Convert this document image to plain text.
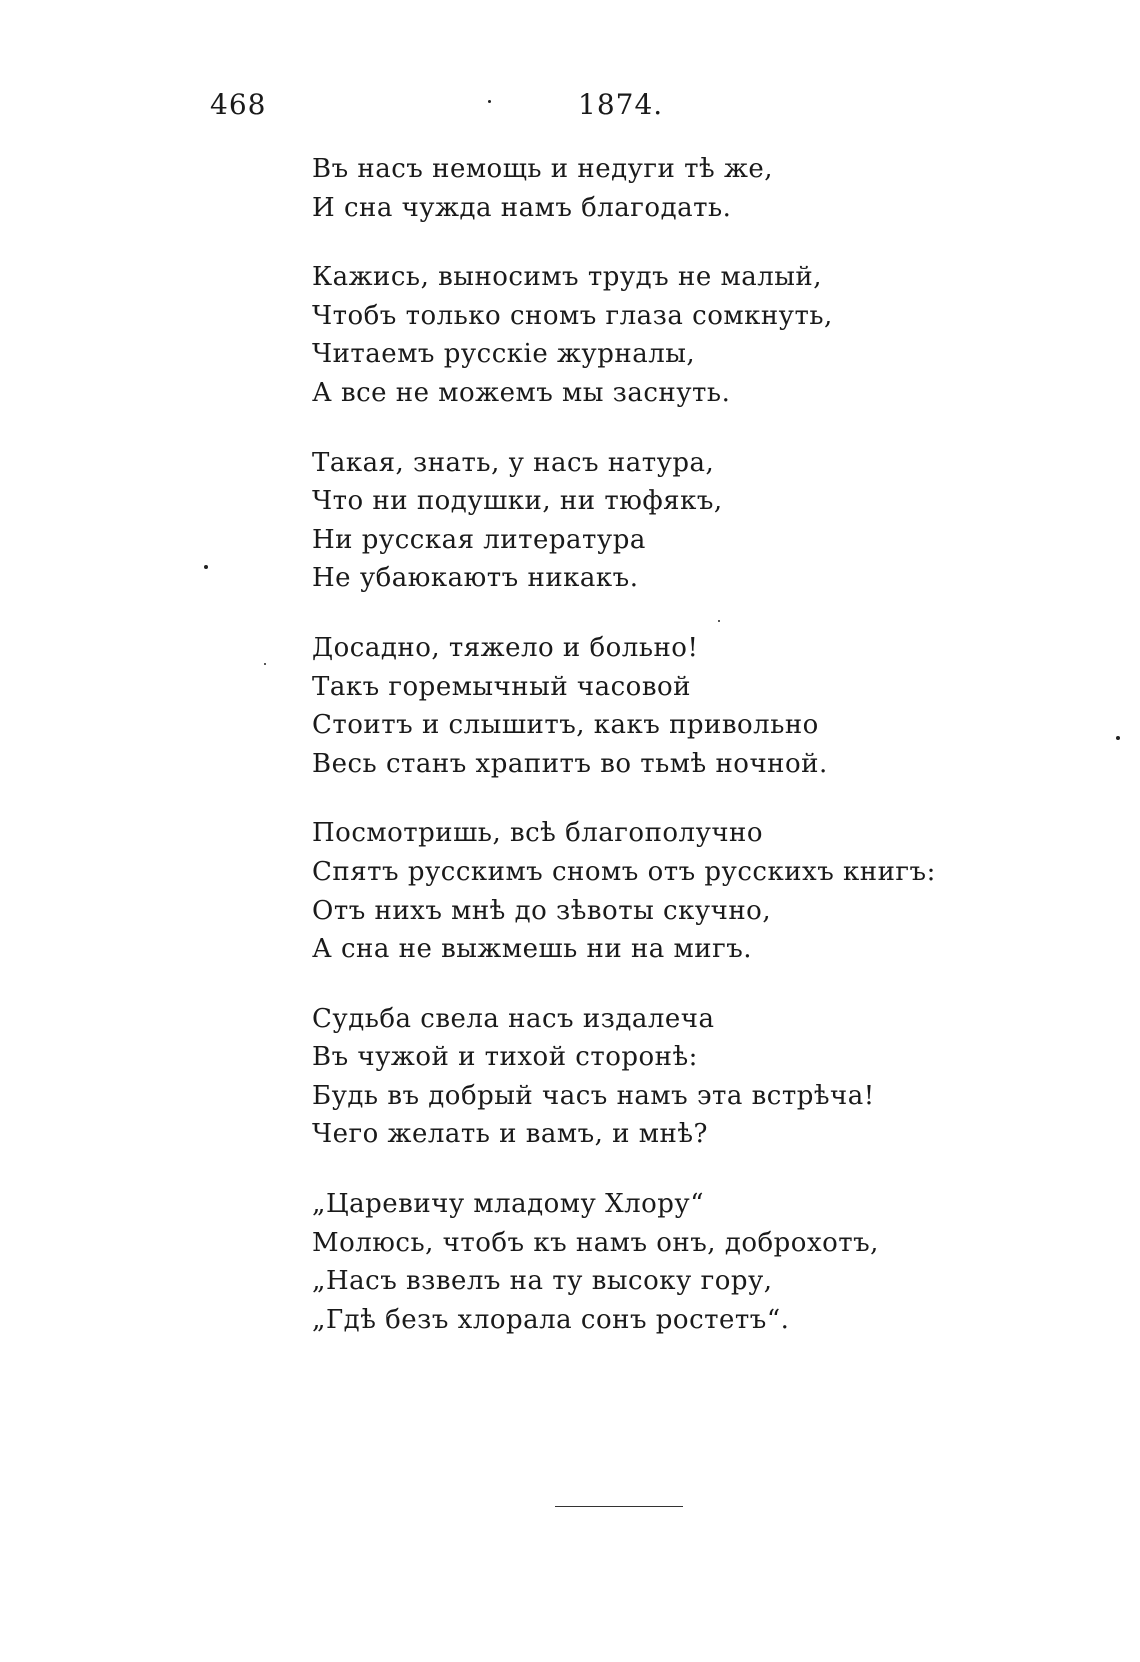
468	1874.
Въ насъ немощь и недуги тѣ же,
И сна чужда намъ благодать.
Кажись, выносимъ трудъ не малый,
Чтобъ только сномъ глаза сомкнуть,
Читаемъ русскіе журналы,
А все не можемъ мы заснуть.
Такая, знать, у насъ натура,
Что ни подушки, ни тюфякъ,
Ни русская литература
Не убаюкаютъ никакъ.
Досадно, тяжело и больно!
Такъ горемычный часовой
Стоитъ и слышитъ, какъ привольно
Весь станъ храпитъ во тьмѣ ночной.
Посмотришь, всѣ благополучно
Спятъ русскимъ сномъ отъ русскихъ книгъ:
Отъ нихъ мнѣ до зѣвоты скучно,
А сна не выжмешь ни на мигъ.
Судьба свела насъ издалеча
Въ чужой и тихой сторонѣ:
Будь въ добрый часъ намъ эта встрѣча!
Чего желать и вамъ, и мнѣ?
„Царевичу младому Хлору“
Молюсь, чтобъ къ намъ онъ, доброхотъ,
„Насъ взвелъ на ту высоку гору,
„Гдѣ безъ хлорала сонъ ростетъ“.
